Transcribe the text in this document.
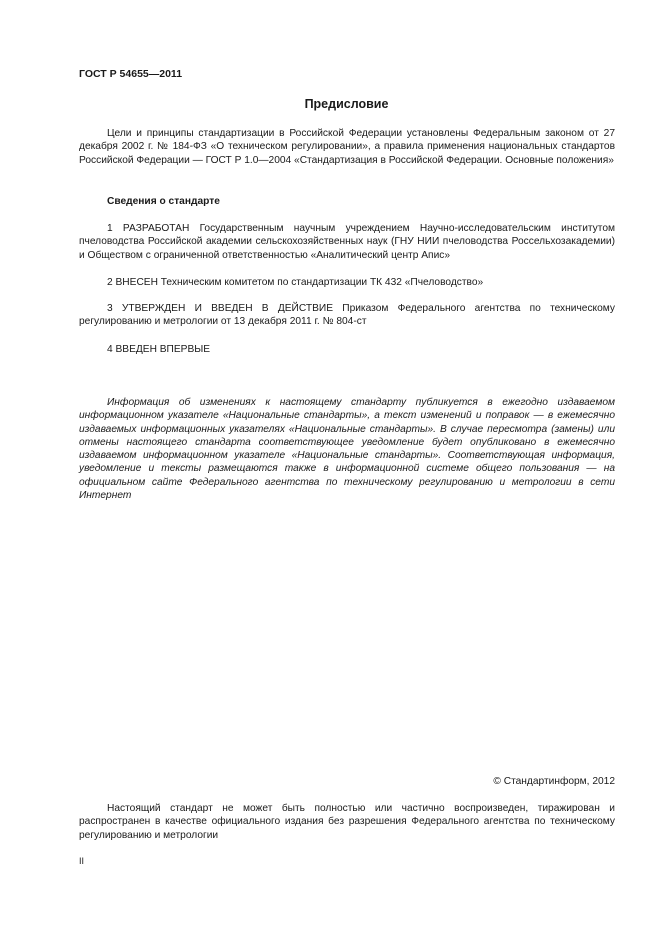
ГОСТ Р 54655—2011
Предисловие
Цели и принципы стандартизации в Российской Федерации установлены Федеральным законом от 27 декабря 2002 г. № 184-ФЗ «О техническом регулировании», а правила применения национальных стандартов Российской Федерации — ГОСТ Р 1.0—2004 «Стандартизация в Российской Федерации. Основные положения»
Сведения о стандарте
1 РАЗРАБОТАН Государственным научным учреждением Научно-исследовательским институтом пчеловодства Российской академии сельскохозяйственных наук (ГНУ НИИ пчеловодства Россельхозакадемии) и Обществом с ограниченной ответственностью «Аналитический центр Апис»
2 ВНЕСЕН Техническим комитетом по стандартизации ТК 432 «Пчеловодство»
3 УТВЕРЖДЕН И ВВЕДЕН В ДЕЙСТВИЕ Приказом Федерального агентства по техническому регулированию и метрологии от 13 декабря 2011 г. № 804-ст
4 ВВЕДЕН ВПЕРВЫЕ
Информация об изменениях к настоящему стандарту публикуется в ежегодно издаваемом информационном указателе «Национальные стандарты», а текст изменений и поправок — в ежемесячно издаваемых информационных указателях «Национальные стандарты». В случае пересмотра (замены) или отмены настоящего стандарта соответствующее уведомление будет опубликовано в ежемесячно издаваемом информационном указателе «Национальные стандарты». Соответствующая информация, уведомление и тексты размещаются также в информационной системе общего пользования — на официальном сайте Федерального агентства по техническому регулированию и метрологии в сети Интернет
© Стандартинформ, 2012
Настоящий стандарт не может быть полностью или частично воспроизведен, тиражирован и распространен в качестве официального издания без разрешения Федерального агентства по техническому регулированию и метрологии
II
